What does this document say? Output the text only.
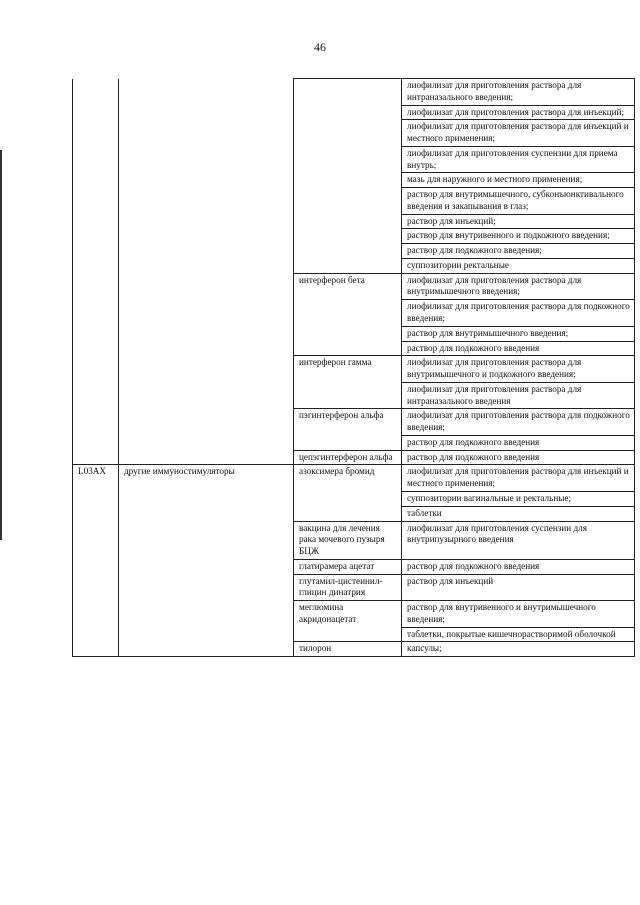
46
			лиофилизат для приготовления раствора для интраназального введения;
			лиофилизат для приготовления раствора для инъекций;
			лиофилизат для приготовления раствора для инъекций и местного применения;
			лиофилизат для приготовления суспензии для приема внутрь;
			мазь для наружного и местного применения;
			раствор для внутримышечного, субконъюнктивального введения и закапывания в глаз;
			раствор для инъекций;
			раствор для внутривенного и подкожного введения;
			раствор для подкожного введения;
			суппозитории ректальные
		интерферон бета	лиофилизат для приготовления раствора для внутримышечного введения;
			лиофилизат для приготовления раствора для подкожного введения;
			раствор для внутримышечного введения;
			раствор для подкожного введения
		интерферон гамма	лиофилизат для приготовления раствора для внутримышечного и подкожного введения;
			лиофилизат для приготовления раствора для интраназального введения
		пэгинтерферон альфа	лиофилизат для приготовления раствора для подкожного введения;
			раствор для подкожного введения
		цепэгинтерферон альфа	раствор для подкожного введения
L03AX	другие иммуностимуляторы	азоксимера бромид	лиофилизат для приготовления раствора для инъекций и местного применения;
			суппозитории вагинальные и ректальные;
			таблетки
		вакцина для лечения рака мочевого пузыря БЦЖ	лиофилизат для приготовления суспензии для внутрипузырного введения
		глатирамера ацетат	раствор для подкожного введения
		глутамил-цистеинил-глицин динатрия	раствор для инъекций
		меглюмина акридонацетат	раствор для внутривенного и внутримышечного введения;
			таблетки, покрытые кишечнорастворимой оболочкой
		тилорон	капсулы;
